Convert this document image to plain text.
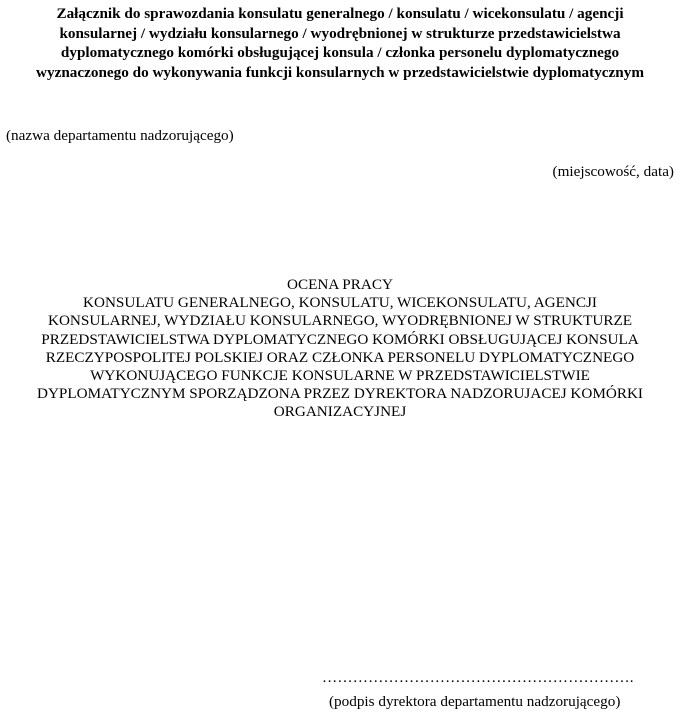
Załącznik do sprawozdania konsulatu generalnego / konsulatu / wicekonsulatu / agencji
konsularnej / wydziału konsularnego / wyodrębnionej w strukturze przedstawicielstwa
dyplomatycznego komórki obsługującej konsula / członka personelu dyplomatycznego
wyznaczonego do wykonywania funkcji konsularnych w przedstawicielstwie dyplomatycznym
(nazwa departamentu nadzorującego)
(miejscowość, data)
OCENA PRACY
KONSULATU GENERALNEGO, KONSULATU, WICEKONSULATU, AGENCJI
KONSULARNEJ, WYDZIAŁU KONSULARNEGO, WYODRĘBNIONEJ W STRUKTURZE
PRZEDSTAWICIELSTWA DYPLOMATYCZNEGO KOMÓRKI OBSŁUGUJĄCEJ KONSULA
RZECZYPOSPOLITEJ POLSKIEJ ORAZ CZŁONKA PERSONELU DYPLOMATYCZNEGO
WYKONUJĄCEGO FUNKCJE KONSULARNE W PRZEDSTAWICIELSTWIE
DYPLOMATYCZNYM SPORZĄDZONA PRZEZ DYREKTORA NADZORUJACEJ KOMÓRKI
ORGANIZACYJNEJ
…………………………………………………….
(podpis dyrektora departamentu nadzorującego)
